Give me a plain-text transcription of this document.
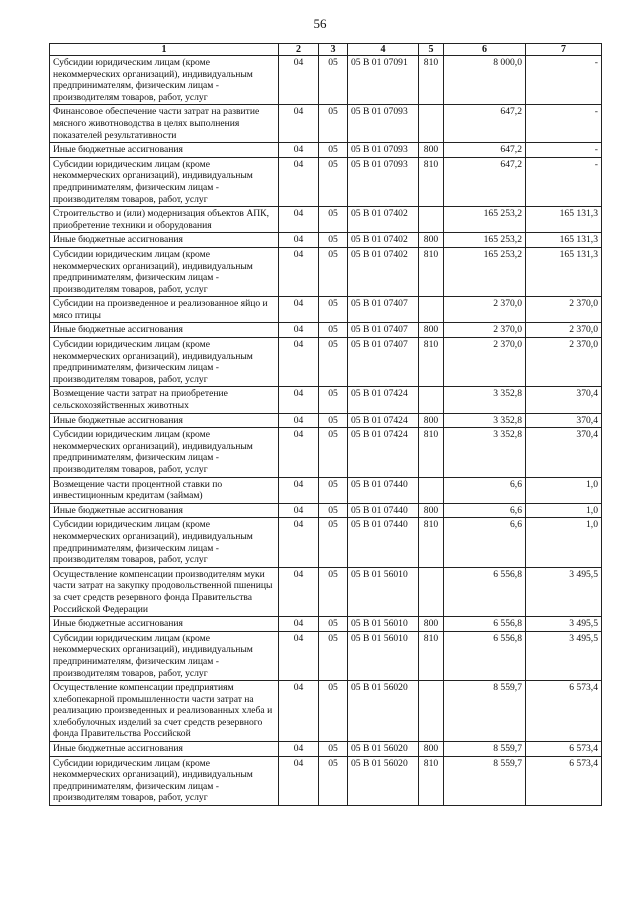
56
1	2	3	4	5	6	7
Субсидии юридическим лицам (кроме некоммерческих организаций), индивидуальным предпринимателям, физическим лицам - производителям товаров, работ, услуг	04	05	05 В 01 07091	810	8 000,0	-
Финансовое обеспечение части затрат на развитие мясного животноводства в целях выполнения показателей результативности	04	05	05 В 01 07093		647,2	-
Иные бюджетные ассигнования	04	05	05 В 01 07093	800	647,2	-
Субсидии юридическим лицам (кроме некоммерческих организаций), индивидуальным предпринимателям, физическим лицам - производителям товаров, работ, услуг	04	05	05 В 01 07093	810	647,2	-
Строительство и (или) модернизация объектов АПК, приобретение техники и оборудования	04	05	05 В 01 07402		165 253,2	165 131,3
Иные бюджетные ассигнования	04	05	05 В 01 07402	800	165 253,2	165 131,3
Субсидии юридическим лицам (кроме некоммерческих организаций), индивидуальным предпринимателям, физическим лицам - производителям товаров, работ, услуг	04	05	05 В 01 07402	810	165 253,2	165 131,3
Субсидии на произведенное и реализованное яйцо и мясо птицы	04	05	05 В 01 07407		2 370,0	2 370,0
Иные бюджетные ассигнования	04	05	05 В 01 07407	800	2 370,0	2 370,0
Субсидии юридическим лицам (кроме некоммерческих организаций), индивидуальным предпринимателям, физическим лицам - производителям товаров, работ, услуг	04	05	05 В 01 07407	810	2 370,0	2 370,0
Возмещение части затрат на приобретение сельскохозяйственных животных	04	05	05 В 01 07424		3 352,8	370,4
Иные бюджетные ассигнования	04	05	05 В 01 07424	800	3 352,8	370,4
Субсидии юридическим лицам (кроме некоммерческих организаций), индивидуальным предпринимателям, физическим лицам - производителям товаров, работ, услуг	04	05	05 В 01 07424	810	3 352,8	370,4
Возмещение части процентной ставки по инвестиционным кредитам (займам)	04	05	05 В 01 07440		6,6	1,0
Иные бюджетные ассигнования	04	05	05 В 01 07440	800	6,6	1,0
Субсидии юридическим лицам (кроме некоммерческих организаций), индивидуальным предпринимателям, физическим лицам - производителям товаров, работ, услуг	04	05	05 В 01 07440	810	6,6	1,0
Осуществление компенсации производителям муки части затрат на закупку продовольственной пшеницы за счет средств резервного фонда Правительства Российской Федерации	04	05	05 В 01 56010		6 556,8	3 495,5
Иные бюджетные ассигнования	04	05	05 В 01 56010	800	6 556,8	3 495,5
Субсидии юридическим лицам (кроме некоммерческих организаций), индивидуальным предпринимателям, физическим лицам - производителям товаров, работ, услуг	04	05	05 В 01 56010	810	6 556,8	3 495,5
Осуществление компенсации предприятиям хлебопекарной промышленности части затрат на реализацию произведенных и реализованных хлеба и хлебобулочных изделий за счет средств резервного фонда Правительства Российской	04	05	05 В 01 56020		8 559,7	6 573,4
Иные бюджетные ассигнования	04	05	05 В 01 56020	800	8 559,7	6 573,4
Субсидии юридическим лицам (кроме некоммерческих организаций), индивидуальным предпринимателям, физическим лицам - производителям товаров, работ, услуг	04	05	05 В 01 56020	810	8 559,7	6 573,4
